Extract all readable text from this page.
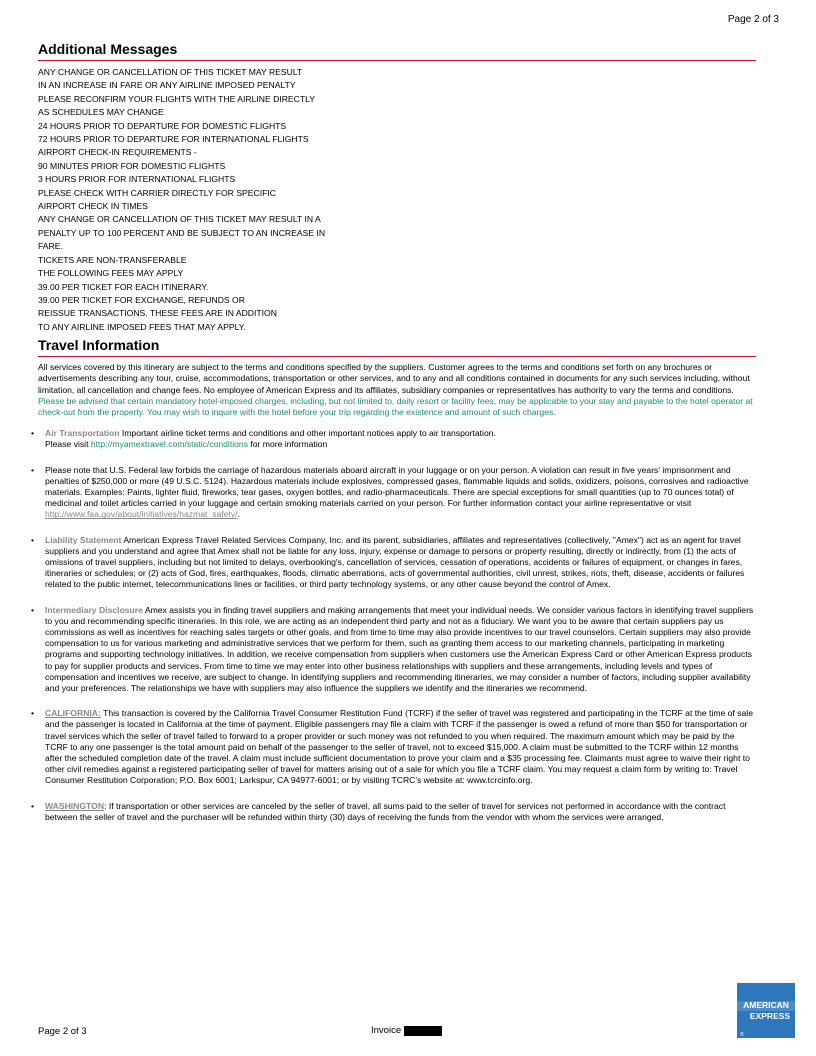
Page 2 of 3
Additional Messages
ANY CHANGE OR CANCELLATION OF THIS TICKET MAY RESULT
IN AN INCREASE IN FARE OR ANY AIRLINE IMPOSED PENALTY
PLEASE RECONFIRM YOUR FLIGHTS WITH THE AIRLINE DIRECTLY
AS SCHEDULES MAY CHANGE
24 HOURS PRIOR TO DEPARTURE FOR DOMESTIC FLIGHTS
72 HOURS PRIOR TO DEPARTURE FOR INTERNATIONAL FLIGHTS
AIRPORT CHECK-IN REQUIREMENTS -
90 MINUTES PRIOR FOR DOMESTIC FLIGHTS
3 HOURS PRIOR FOR INTERNATIONAL FLIGHTS
PLEASE CHECK WITH CARRIER DIRECTLY FOR SPECIFIC
AIRPORT CHECK IN TIMES
ANY CHANGE OR CANCELLATION OF THIS TICKET MAY RESULT IN A
PENALTY UP TO 100 PERCENT AND BE SUBJECT TO AN INCREASE IN
FARE.
TICKETS ARE NON-TRANSFERABLE
THE FOLLOWING FEES MAY APPLY
39.00 PER TICKET FOR EACH ITINERARY.
39.00 PER TICKET FOR EXCHANGE, REFUNDS OR
REISSUE TRANSACTIONS. THESE FEES ARE IN ADDITION
TO ANY AIRLINE IMPOSED FEES THAT MAY APPLY.
Travel Information

All services covered by this itinerary are subject to the terms and conditions specified by the suppliers. Customer agrees to the terms and conditions set forth on any brochures or advertisements describing any tour, cruise, accommodations, transportation or other services, and to any and all conditions contained in documents for any such services including, without limitation, all cancellation and change fees. No employee of American Express and its affiliates, subsidiary companies or representatives has authority to vary the terms and conditions. Please be advised that certain mandatory hotel-imposed charges, including, but not limited to, daily resort or facility fees, may be applicable to your stay and payable to the hotel operator at check-out from the property. You may wish to inquire with the hotel before your trip regarding the existence and amount of such charges.

• Air Transportation Important airline ticket terms and conditions and other important notices apply to air transportation.
Please visit http://myamextravel.com/static/conditions for more information
• Please note that U.S. Federal law forbids the carriage of hazardous materials aboard aircraft in your luggage or on your person. A violation can result in five years' imprisonment and penalties of $250,000 or more (49 U.S.C. 5124). Hazardous materials include explosives, compressed gases, flammable liquids and solids, oxidizers, poisons, corrosives and radioactive materials. Examples: Paints, lighter fluid, fireworks, tear gases, oxygen bottles, and radio-pharmaceuticals. There are special exceptions for small quantities (up to 70 ounces total) of medicinal and toilet articles carried in your luggage and certain smoking materials carried on your person. For further information contact your airline representative or visit http://www.faa.gov/about/initiatives/hazmat_safety/.
• Liability Statement American Express Travel Related Services Company, Inc. and its parent, subsidiaries, affiliates and representatives (collectively, "Amex") act as an agent for travel suppliers and you understand and agree that Amex shall not be liable for any loss, injury, expense or damage to persons or property resulting, directly or indirectly, from (1) the acts of omissions of travel suppliers, including but not limited to delays, overbooking's, cancellation of services, cessation of operations, accidents or failures of equipment, or changes in fares, itineraries or schedules; or (2) acts of God, fires, earthquakes, floods, climatic aberrations, acts of governmental authorities, civil unrest, strikes, riots, theft, disease, accidents or failures related to the public internet, telecommunications lines or facilities, or third party technology systems, or any other cause beyond the control of Amex.
• Intermediary Disclosure Amex assists you in finding travel suppliers and making arrangements that meet your individual needs. We consider various factors in identifying travel suppliers to you and recommending specific itineraries. In this role, we are acting as an independent third party and not as a fiduciary. We want you to be aware that certain suppliers pay us commissions as well as incentives for reaching sales targets or other goals, and from time to time may also provide incentives to our travel counselors. Certain suppliers may also provide compensation to us for various marketing and administrative services that we perform for them, such as granting them access to our marketing channels, participating in marketing programs and supporting technology initiatives. In addition, we receive compensation from suppliers when customers use the American Express Card or other American Express products to pay for supplier products and services. From time to time we may enter into other business relationships with suppliers and these arrangements, including levels and types of compensation and incentives we receive, are subject to change. In identifying suppliers and recommending itineraries, we may consider a number of factors, including supplier availability and your preferences. The relationships we have with suppliers may also influence the suppliers we identify and the itineraries we recommend.
• CALIFORNIA: This transaction is covered by the California Travel Consumer Restitution Fund (TCRF) if the seller of travel was registered and participating in the TCRF at the time of sale and the passenger is located in California at the time of payment. Eligible passengers may file a claim with TCRF if the passenger is owed a refund of more than $50 for transportation or travel services which the seller of travel failed to forward to a proper provider or such money was not refunded to you when required. The maximum amount which may be paid by the TCRF to any one passenger is the total amount paid on behalf of the passenger to the seller of travel, not to exceed $15,000. A claim must be submitted to the TCRF within 12 months after the scheduled completion date of the travel. A claim must include sufficient documentation to prove your claim and a $35 processing fee. Claimants must agree to waive their right to other civil remedies against a registered participating seller of travel for matters arising out of a sale for which you file a TCRF claim. You may request a claim form by writing to: Travel Consumer Restitution Corporation; P.O. Box 6001; Larkspur, CA 94977-6001; or by visiting TCRC's website at: www.tcrcinfo.org.
• WASHINGTON: If transportation or other services are canceled by the seller of travel, all sums paid to the seller of travel for services not performed in accordance with the contract between the seller of travel and the purchaser will be refunded within thirty (30) days of receiving the funds from the vendor with whom the services were arranged,
Page 2 of 3	Invoice
AMERICAN
EXPRESS
®
